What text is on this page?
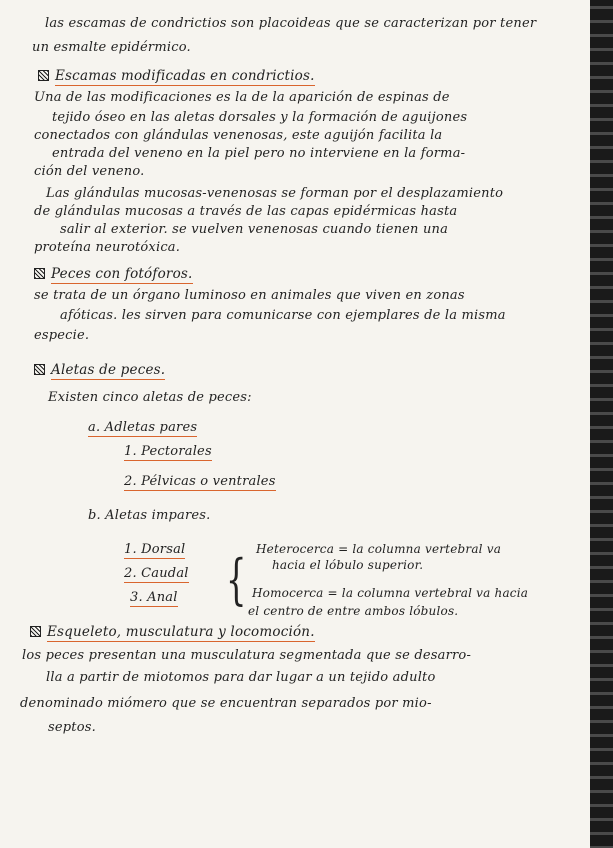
las escamas de condrictios son placoideas que se caracterizan por tener
un esmalte epidérmico.
Escamas modificadas en condrictios.
Una de las modificaciones es la de la aparición de espinas de
tejido óseo en las aletas dorsales y la formación de aguijones
conectados con glándulas venenosas, este aguijón facilita la
entrada del veneno en la piel pero no interviene en la forma-
ción del veneno.
Las glándulas mucosas-venenosas se forman por el desplazamiento
de glándulas mucosas a través de las capas epidérmicas hasta
salir al exterior. se vuelven venenosas cuando tienen una
proteína neurotóxica.
Peces con fotóforos.
se trata de un órgano luminoso en animales que viven en zonas
afóticas. les sirven para comunicarse con ejemplares de la misma
especie.
Aletas de peces.
Existen cinco aletas de peces:
a. Adletas pares
1. Pectorales
2. Pélvicas o ventrales
b. Aletas impares.
1. Dorsal
2. Caudal
3. Anal { Heterocerca = la columna vertebral va
hacia el lóbulo superior.
Homocerca = la columna vertebral va hacia
el centro de entre ambos lóbulos.
Esqueleto, musculatura y locomoción.
los peces presentan una musculatura segmentada que se desarro-
lla a partir de miotomos para dar lugar a un tejido adulto
denominado miómero que se encuentran separados por mio-
septos.
